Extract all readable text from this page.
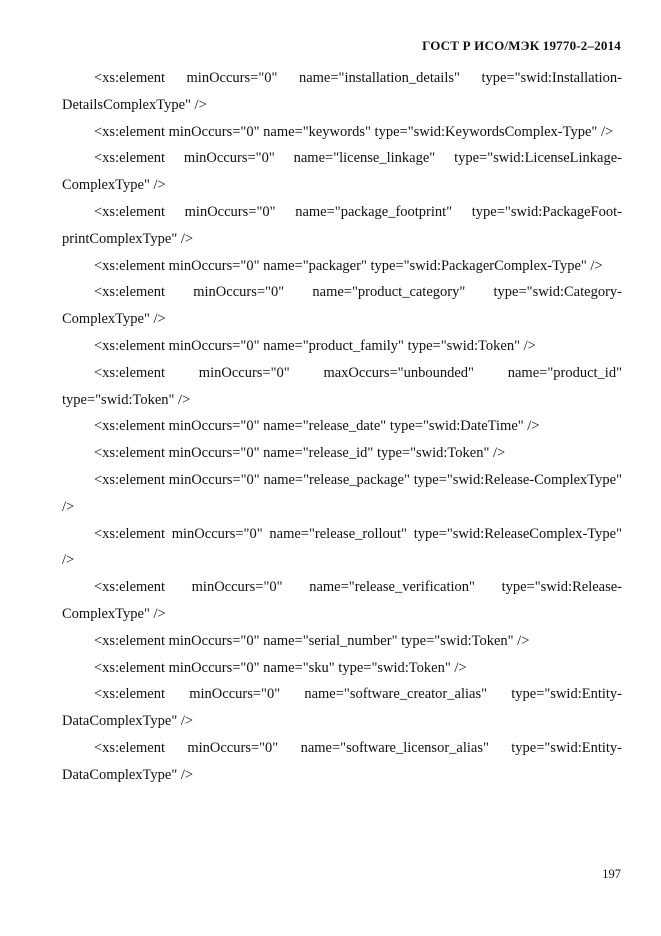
ГОСТ Р ИСО/МЭК 19770-2–2014

<xs:element minOccurs="0" name="installation_details" type="swid:Installation-DetailsComplexType" />

<xs:element minOccurs="0" name="keywords" type="swid:KeywordsComplex-Type" />

<xs:element minOccurs="0" name="license_linkage" type="swid:LicenseLinkage-ComplexType" />

<xs:element minOccurs="0" name="package_footprint" type="swid:PackageFoot-printComplexType" />

<xs:element minOccurs="0" name="packager" type="swid:PackagerComplex-Type" />

<xs:element minOccurs="0" name="product_category" type="swid:Category-ComplexType" />

<xs:element minOccurs="0" name="product_family" type="swid:Token" />

<xs:element minOccurs="0" maxOccurs="unbounded" name="product_id" type="swid:Token" />

<xs:element minOccurs="0" name="release_date" type="swid:DateTime" />

<xs:element minOccurs="0" name="release_id" type="swid:Token" />

<xs:element minOccurs="0" name="release_package" type="swid:Release-ComplexType" />

<xs:element minOccurs="0" name="release_rollout" type="swid:ReleaseComplex-Type" />

<xs:element minOccurs="0" name="release_verification" type="swid:Release-ComplexType" />

<xs:element minOccurs="0" name="serial_number" type="swid:Token" />

<xs:element minOccurs="0" name="sku" type="swid:Token" />

<xs:element minOccurs="0" name="software_creator_alias" type="swid:Entity-DataComplexType" />

<xs:element minOccurs="0" name="software_licensor_alias" type="swid:Entity-DataComplexType" />

197
